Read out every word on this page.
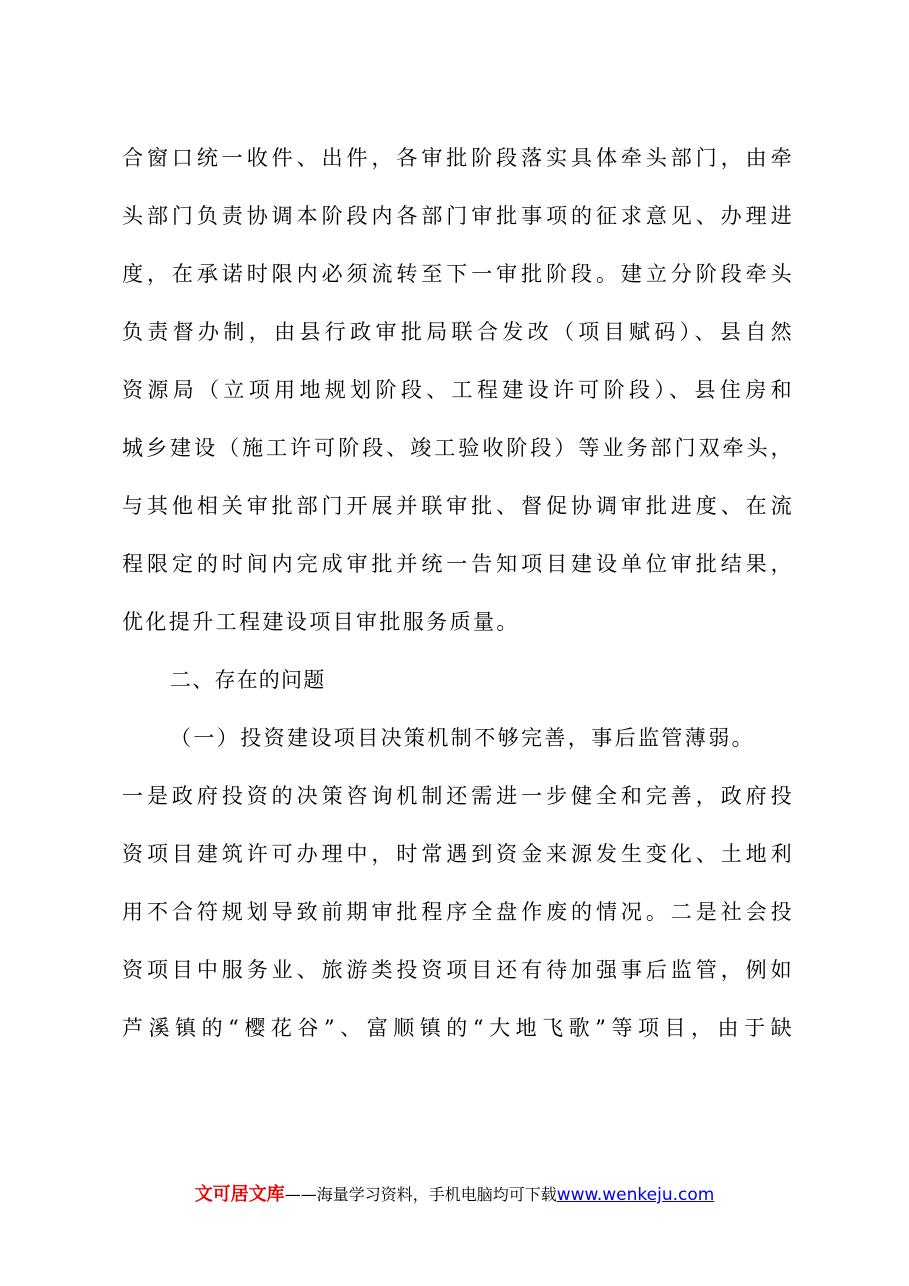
合窗口统一收件、出件，各审批阶段落实具体牵头部门，由牵
头部门负责协调本阶段内各部门审批事项的征求意见、办理进
度，在承诺时限内必须流转至下一审批阶段。建立分阶段牵头
负责督办制，由县行政审批局联合发改（项目赋码）、县自然
资源局（立项用地规划阶段、工程建设许可阶段）、县住房和
城乡建设（施工许可阶段、竣工验收阶段）等业务部门双牵头，
与其他相关审批部门开展并联审批、督促协调审批进度、在流
程限定的时间内完成审批并统一告知项目建设单位审批结果，
优化提升工程建设项目审批服务质量。
二、存在的问题
（一）投资建设项目决策机制不够完善，事后监管薄弱。
一是政府投资的决策咨询机制还需进一步健全和完善，政府投
资项目建筑许可办理中，时常遇到资金来源发生变化、土地利
用不合符规划导致前期审批程序全盘作废的情况。二是社会投
资项目中服务业、旅游类投资项目还有待加强事后监管，例如
芦溪镇的“樱花谷”、富顺镇的“大地飞歌”等项目，由于缺
文可居文库——海量学习资料，手机电脑均可下载www.wenkeju.com
